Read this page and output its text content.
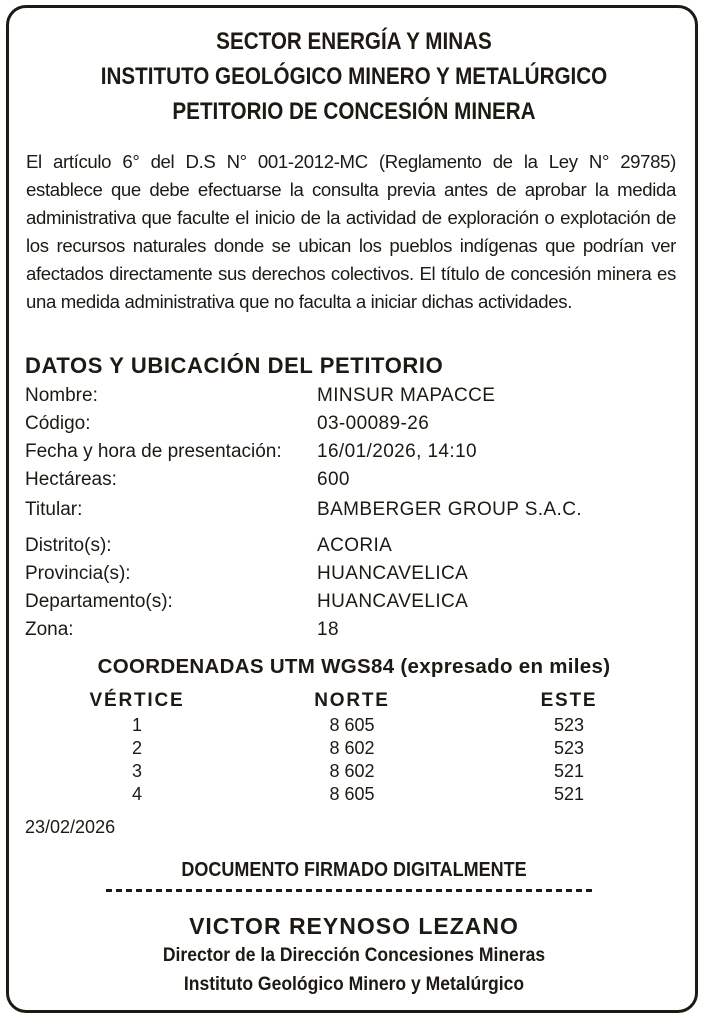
SECTOR ENERGÍA Y MINAS
INSTITUTO GEOLÓGICO MINERO Y METALÚRGICO
PETITORIO DE CONCESIÓN MINERA
El artículo 6° del D.S N° 001-2012-MC (Reglamento de la Ley N° 29785) establece que debe efectuarse la consulta previa antes de aprobar la medida administrativa que faculte el inicio de la actividad de exploración o explotación de los recursos naturales donde se ubican los pueblos indígenas que podrían ver afectados directamente sus derechos colectivos. El título de concesión minera es una medida administrativa que no faculta a iniciar dichas actividades.
DATOS Y UBICACIÓN DEL PETITORIO
Nombre:	MINSUR MAPACCE
Código:	03-00089-26
Fecha y hora de presentación: 16/01/2026, 14:10
Hectáreas:	600
Titular:	BAMBERGER GROUP S.A.C.
Distrito(s):	ACORIA
Provincia(s):	HUANCAVELICA
Departamento(s):	HUANCAVELICA
Zona:	18
COORDENADAS UTM WGS84 (expresado en miles)
VÉRTICE	NORTE	ESTE
1	8 605	523
2	8 602	523
3	8 602	521
4	8 605	521
23/02/2026
DOCUMENTO FIRMADO DIGITALMENTE
VICTOR REYNOSO LEZANO
Director de la Dirección Concesiones Mineras
Instituto Geológico Minero y Metalúrgico
